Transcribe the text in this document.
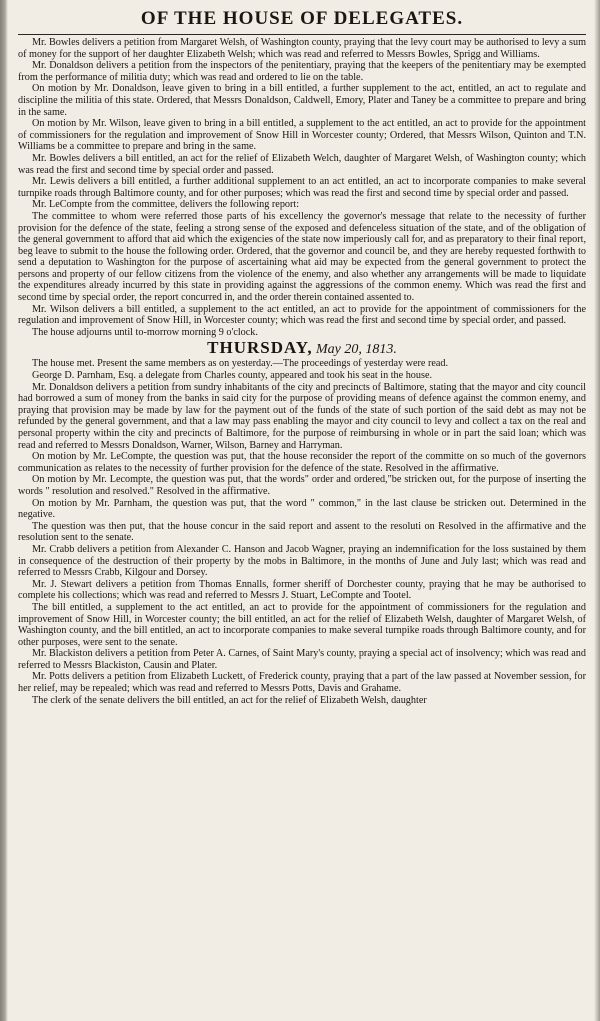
OF THE HOUSE OF DELEGATES.

Mr. Bowles delivers a petition from Margaret Welsh, of Washington county, praying that the levy court may be authorised to levy a sum of money for the support of her daughter Elizabeth Welsh; which was read and referred to Messrs Bowles, Sprigg and Williams.

Mr. Donaldson delivers a petition from the inspectors of the penitentiary, praying that the keepers of the penitentiary may be exempted from the performance of militia duty; which was read and ordered to lie on the table.

On motion by Mr. Donaldson, leave given to bring in a bill entitled, a further supplement to the act, entitled, an act to regulate and discipline the militia of this state. Ordered, that Messrs Donaldson, Caldwell, Emory, Plater and Taney be a committee to prepare and bring in the same.

On motion by Mr. Wilson, leave given to bring in a bill entitled, a supplement to the act entitled, an act to provide for the appointment of commissioners for the regulation and improvement of Snow Hill in Worcester county; Ordered, that Messrs Wilson, Quinton and T.N. Williams be a committee to prepare and bring in the same.

Mr. Bowles delivers a bill entitled, an act for the relief of Elizabeth Welch, daughter of Margaret Welsh, of Washington county; which was read the first and second time by special order and passed.

Mr. Lewis delivers a bill entitled, a further additional supplement to an act entitled, an act to incorporate companies to make several turnpike roads through Baltimore county, and for other purposes; which was read the first and second time by special order and passed.

Mr. LeCompte from the committee, delivers the following report:

The committee to whom were referred those parts of his excellency the governor's message that relate to the necessity of further provision for the defence of the state, feeling a strong sense of the exposed and defenceless situation of the state, and of the obligation of the general government to afford that aid which the exigencies of the state now imperiously call for, and as preparatory to their final report, beg leave to submit to the house the following order. Ordered, that the governor and council be, and they are hereby requested forthwith to send a deputation to Washington for the purpose of ascertaining what aid may be expected from the general government to protect the persons and property of our fellow citizens from the violence of the enemy, and also whether any arrangements will be made to liquidate the expenditures already incurred by this state in providing against the aggressions of the common enemy. Which was read the first and second time by special order, the report concurred in, and the order therein contained assented to.

Mr. Wilson delivers a bill entitled, a supplement to the act entitled, an act to provide for the appointment of commissioners for the regulation and improvement of Snow Hill, in Worcester county; which was read the first and second time by special order, and passed.

The house adjourns until to-morrow morning 9 o'clock.

THURSDAY, May 20, 1813.

The house met. Present the same members as on yesterday.—The proceedings of yesterday were read.

George D. Parnham, Esq. a delegate from Charles county, appeared and took his seat in the house.

Mr. Donaldson delivers a petition from sundry inhabitants of the city and precincts of Baltimore, stating that the mayor and city council had borrowed a sum of money from the banks in said city for the purpose of providing means of defence against the common enemy, and praying that provision may be made by law for the payment out of the funds of the state of such portion of the said debt as may not be refunded by the general government, and that a law may pass enabling the mayor and city council to levy and collect a tax on the real and personal property within the city and precincts of Baltimore, for the purpose of reimbursing in whole or in part the said loan; which was read and referred to Messrs Donaldson, Warner, Wilson, Barney and Harryman.

On motion by Mr. LeCompte, the question was put, that the house reconsider the report of the committe on so much of the governors communication as relates to the necessity of further provision for the defence of the state. Resolved in the affirmative.

On motion by Mr. Lecompte, the question was put, that the words" order and ordered,"be stricken out, for the purpose of inserting the words " resolution and resolved." Resolved in the affirmative.

On motion by Mr. Parnham, the question was put, that the word " common," in the last clause be stricken out. Determined in the negative.

The question was then put, that the house concur in the said report and assent to the resoluti on Resolved in the affirmative and the resolution sent to the senate.

Mr. Crabb delivers a petition from Alexander C. Hanson and Jacob Wagner, praying an indemnification for the loss sustained by them in consequence of the destruction of their property by the mobs in Baltimore, in the months of June and July last; which was read and referred to Messrs Crabb, Kilgour and Dorsey.

Mr. J. Stewart delivers a petition from Thomas Ennalls, former sheriff of Dorchester county, praying that he may be authorised to complete his collections; which was read and referred to Messrs J. Stuart, LeCompte and Tootel.

The bill entitled, a supplement to the act entitled, an act to provide for the appointment of commissioners for the regulation and improvement of Snow Hill, in Worcester county; the bill entitled, an act for the relief of Elizabeth Welsh, daughter of Margaret Welsh, of Washington county, and the bill entitled, an act to incorporate companies to make several turnpike roads through Baltimore county, and for other purposes, were sent to the senate.

Mr. Blackiston delivers a petition from Peter A. Carnes, of Saint Mary's county, praying a special act of insolvency; which was read and referred to Messrs Blackiston, Causin and Plater.

Mr. Potts delivers a petition from Elizabeth Luckett, of Frederick county, praying that a part of the law passed at November session, for her relief, may be repealed; which was read and referred to Messrs Potts, Davis and Grahame.

The clerk of the senate delivers the bill entitled, an act for the relief of Elizabeth Welsh, daughter
